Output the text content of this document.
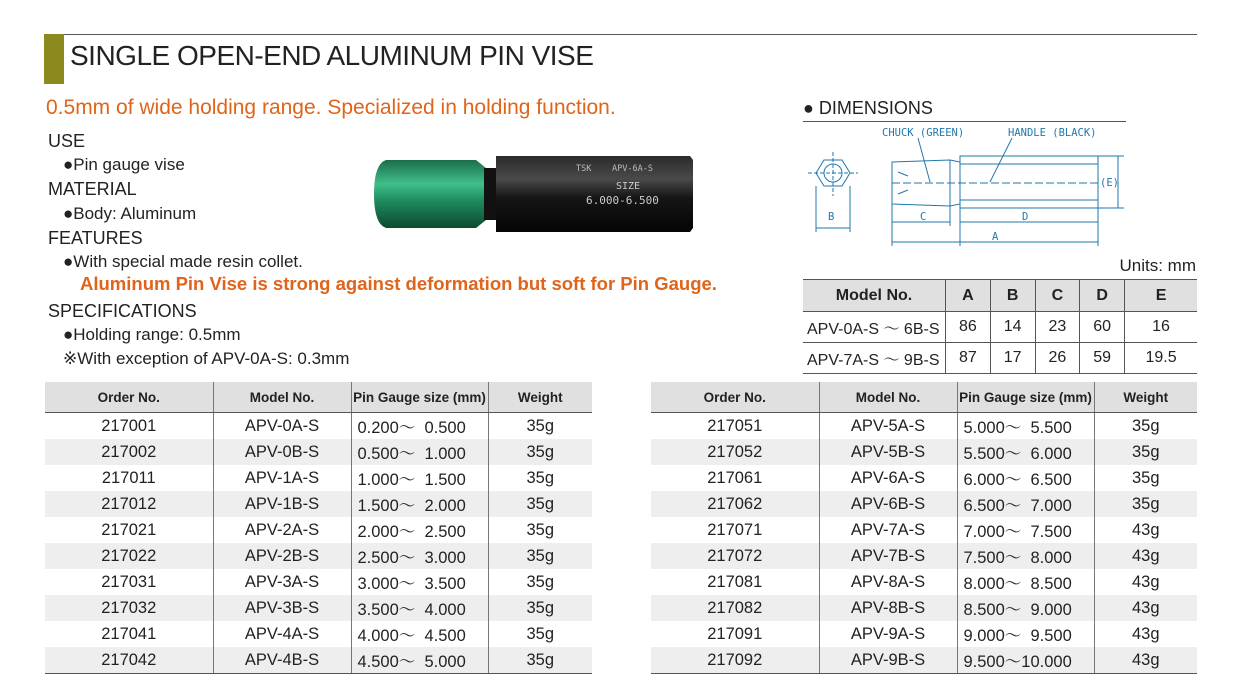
SINGLE OPEN-END ALUMINUM PIN VISE
0.5mm of wide holding range. Specialized in holding function.
USE
●Pin gauge vise
MATERIAL
●Body: Aluminum
FEATURES
●With special made resin collet.
Aluminum Pin Vise is strong against deformation but soft for Pin Gauge.
SPECIFICATIONS
●Holding range: 0.5mm
※With exception of APV-0A-S: 0.3mm
TSK APV-6A-S
SIZE
6.000-6.500
● DIMENSIONS
CHUCK (GREEN)	HANDLE (BLACK)
B	C	D
A
(E)
Units: mm
Model No.	A	B	C	D	E
APV-0A-S ～ 6B-S	86	14	23	60	16
APV-7A-S ～ 9B-S	87	17	26	59	19.5
Order No.	Model No.	Pin Gauge size (mm)	Weight
217001	APV-0A-S	0.200～  0.500	35g
217002	APV-0B-S	0.500～  1.000	35g
217011	APV-1A-S	1.000～  1.500	35g
217012	APV-1B-S	1.500～  2.000	35g
217021	APV-2A-S	2.000～  2.500	35g
217022	APV-2B-S	2.500～  3.000	35g
217031	APV-3A-S	3.000～  3.500	35g
217032	APV-3B-S	3.500～  4.000	35g
217041	APV-4A-S	4.000～  4.500	35g
217042	APV-4B-S	4.500～  5.000	35g
Order No.	Model No.	Pin Gauge size (mm)	Weight
217051	APV-5A-S	5.000～  5.500	35g
217052	APV-5B-S	5.500～  6.000	35g
217061	APV-6A-S	6.000～  6.500	35g
217062	APV-6B-S	6.500～  7.000	35g
217071	APV-7A-S	7.000～  7.500	43g
217072	APV-7B-S	7.500～  8.000	43g
217081	APV-8A-S	8.000～  8.500	43g
217082	APV-8B-S	8.500～  9.000	43g
217091	APV-9A-S	9.000～  9.500	43g
217092	APV-9B-S	9.500～10.000	43g
